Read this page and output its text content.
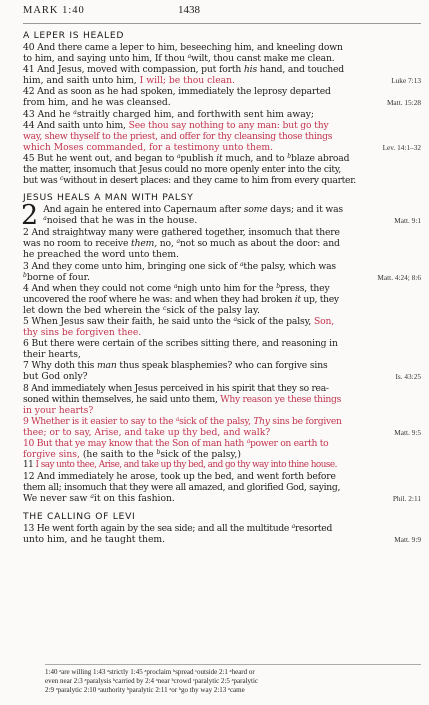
MARK 1:40	1438
A LEPER IS HEALED
40 And there came a leper to him, beseeching him, and kneeling down
to him, and saying unto him, If thou $^a$wilt, thou canst make me clean.
41 And Jesus, moved with compassion, put forth his hand, and touched
him, and saith unto him, I will; be thou clean.	Luke 7:13
42 And as soon as he had spoken, immediately the leprosy departed
from him, and he was cleansed.	Matt. 15:28
43 And he $^a$straitly charged him, and forthwith sent him away;
44 And saith unto him, See thou say nothing to any man: but go thy
way, shew thyself to the priest, and offer for thy cleansing those things
which Moses commanded, for a testimony unto them.	Lev. 14:1–32
45 But he went out, and began to $^a$publish it much, and to $^b$blaze abroad
the matter, insomuch that Jesus could no more openly enter into the city,
but was $^c$without in desert places: and they came to him from every quarter.
JESUS HEALS A MAN WITH PALSY
2 And again he entered into Capernaum after some days; and it was
$^a$noised that he was in the house.	Matt. 9:1
2 And straightway many were gathered together, insomuch that there
was no room to receive them, no, $^a$not so much as about the door: and
he preached the word unto them.
3 And they come unto him, bringing one sick of $^a$the palsy, which was
$^b$borne of four.	Matt. 4:24; 8:6
4 And when they could not come $^a$nigh unto him for the $^b$press, they
uncovered the roof where he was: and when they had broken it up, they
let down the bed wherein the $^c$sick of the palsy lay.
5 When Jesus saw their faith, he said unto the $^a$sick of the palsy, Son,
thy sins be forgiven thee.
6 But there were certain of the scribes sitting there, and reasoning in
their hearts,
7 Why doth this man thus speak blasphemies? who can forgive sins
but God only?	Is. 43:25
8 And immediately when Jesus perceived in his spirit that they so rea-
soned within themselves, he said unto them, Why reason ye these things
in your hearts?
9 Whether is it easier to say to the $^a$sick of the palsy, Thy sins be forgiven
thee; or to say, Arise, and take up thy bed, and walk?	Matt. 9:5
10 But that ye may know that the Son of man hath $^a$power on earth to
forgive sins, (he saith to the $^b$sick of the palsy,)
11 I say unto thee, Arise, and take up thy bed, and go thy way into thine house.
12 And immediately he arose, took up the bed, and went forth before
them all; insomuch that they were all amazed, and glorified God, saying,
We never saw $^a$it on this fashion.	Phil. 2:11
THE CALLING OF LEVI
13 He went forth again by the sea side; and all the multitude $^a$resorted
unto him, and he taught them.	Matt. 9:9
1:40 ᵃare willing 1:43 ᵃstrictly 1:45 ᵃproclaim ᵇspread ᶜoutside 2:1 ᵃheard or
even near 2:3 ᵃparalysis ᵇcarried by 2:4 ᵃnear ᵇcrowd ᶜparalytic 2:5 ᵃparalytic
2:9 ᵃparalytic 2:10 ᵃauthority ᵇparalytic 2:11 ᵃor ᵇgo thy way 2:13 ᵃcame
